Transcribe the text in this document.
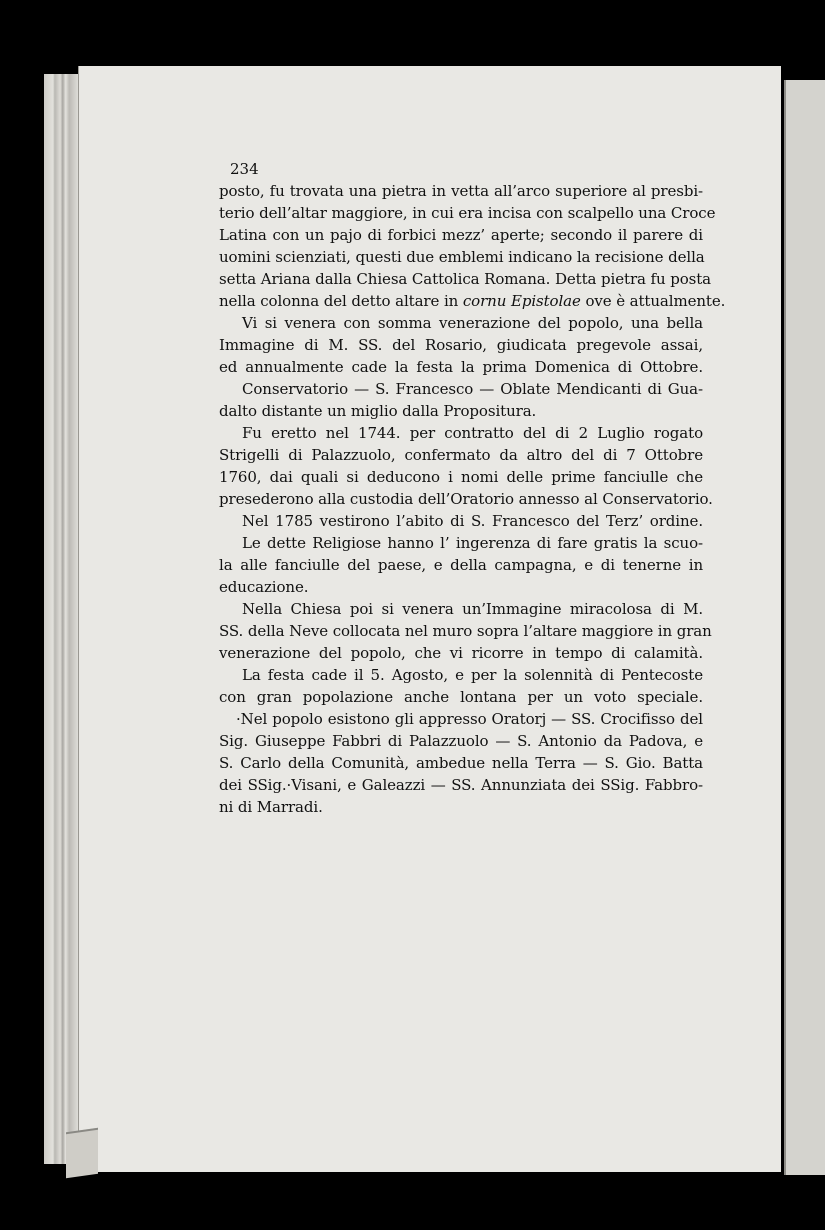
234
posto, fu trovata una pietra in vetta all’arco superiore al presbi-
terio dell’altar maggiore, in cui era incisa con scalpello una Croce
Latina con un pajo di forbici mezz’ aperte; secondo il parere di
uomini scienziati, questi due emblemi indicano la recisione della
setta Ariana dalla Chiesa Cattolica Romana. Detta pietra fu posta
nella colonna del detto altare in cornu Epistolae ove è attualmente.
Vi si venera con somma venerazione del popolo, una bella
Immagine di M. SS. del Rosario, giudicata pregevole assai,
ed annualmente cade la festa la prima Domenica di Ottobre.
Conservatorio — S. Francesco — Oblate Mendicanti di Gua-
dalto distante un miglio dalla Propositura.
Fu eretto nel 1744. per contratto del di 2 Luglio rogato
Strigelli di Palazzuolo, confermato da altro del di 7 Ottobre
1760, dai quali si deducono i nomi delle prime fanciulle che
presederono alla custodia dell’Oratorio annesso al Conservatorio.
Nel 1785 vestirono l’abito di S. Francesco del Terz’ ordine.
Le dette Religiose hanno l’ ingerenza di fare gratis la scuo-
la alle fanciulle del paese, e della campagna, e di tenerne in
educazione.
Nella Chiesa poi si venera un’Immagine miracolosa di M.
SS. della Neve collocata nel muro sopra l’altare maggiore in gran
venerazione del popolo, che vi ricorre in tempo di calamità.
La festa cade il 5. Agosto, e per la solennità di Pentecoste
con gran popolazione anche lontana per un voto speciale.
·Nel popolo esistono gli appresso Oratorj — SS. Crocifisso del
Sig. Giuseppe Fabbri di Palazzuolo — S. Antonio da Padova, e
S. Carlo della Comunità, ambedue nella Terra — S. Gio. Batta
dei SSig.·Visani, e Galeazzi — SS. Annunziata dei SSig. Fabbro-
ni di Marradi.
